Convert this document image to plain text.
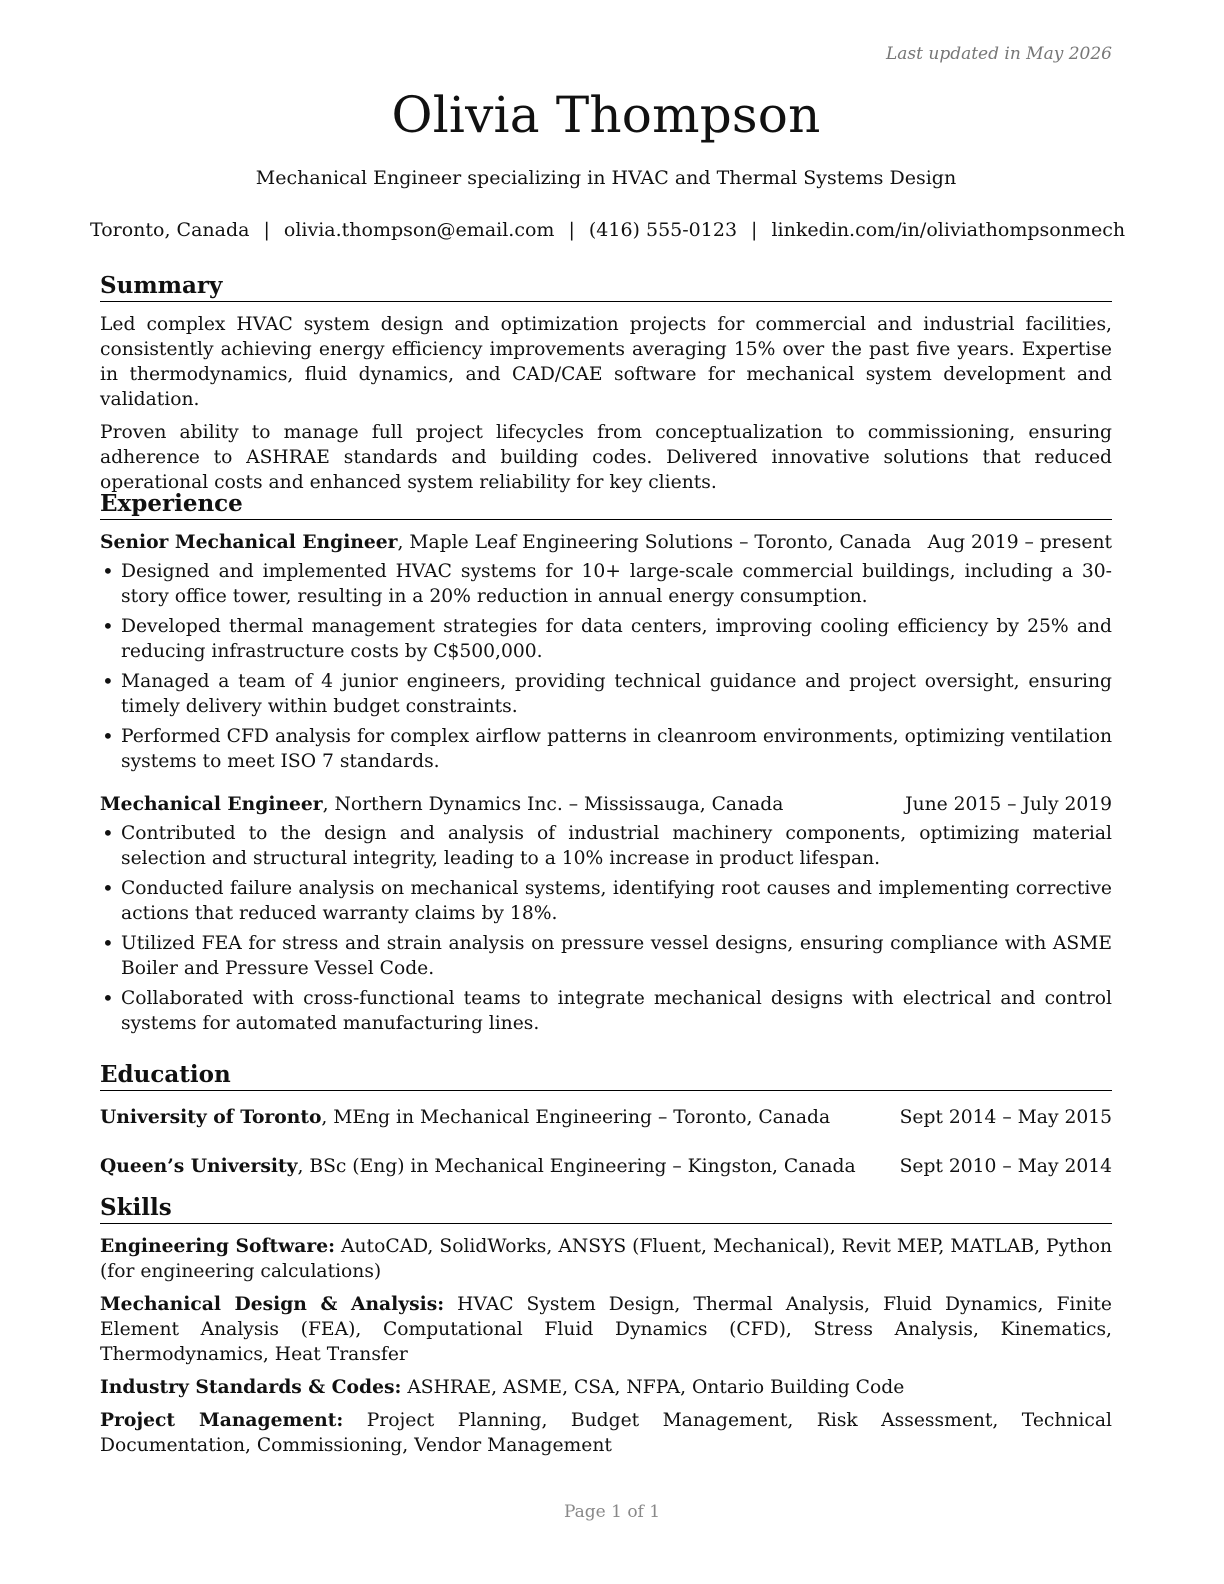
Last updated in May 2026
Olivia Thompson
Mechanical Engineer specializing in HVAC and Thermal Systems Design
Toronto, Canada | olivia.thompson@email.com | (416) 555-0123 | linkedin.com/in/oliviathompsonmech
Summary

Led complex HVAC system design and optimization projects for commercial and industrial facilities, consistently achieving energy efficiency improvements averaging 15% over the past five years. Expertise in thermodynamics, fluid dynamics, and CAD/CAE software for mechanical system development and validation.

Proven ability to manage full project lifecycles from conceptualization to commissioning, ensuring adherence to ASHRAE standards and building codes. Delivered innovative solutions that reduced operational costs and enhanced system reliability for key clients.

Experience
Senior Mechanical Engineer, Maple Leaf Engineering Solutions – Toronto, Canada Aug 2019 – present
• Designed and implemented HVAC systems for 10+ large-scale commercial buildings, including a 30-story office tower, resulting in a 20% reduction in annual energy consumption.
• Developed thermal management strategies for data centers, improving cooling efficiency by 25% and reducing infrastructure costs by C$500,000.
• Managed a team of 4 junior engineers, providing technical guidance and project oversight, ensuring timely delivery within budget constraints.
• Performed CFD analysis for complex airflow patterns in cleanroom environments, optimizing ventilation systems to meet ISO 7 standards.
Mechanical Engineer, Northern Dynamics Inc. – Mississauga, Canada	June 2015 – July 2019
• Contributed to the design and analysis of industrial machinery components, optimizing material selection and structural integrity, leading to a 10% increase in product lifespan.
• Conducted failure analysis on mechanical systems, identifying root causes and implementing corrective actions that reduced warranty claims by 18%.
• Utilized FEA for stress and strain analysis on pressure vessel designs, ensuring compliance with ASME Boiler and Pressure Vessel Code.
• Collaborated with cross-functional teams to integrate mechanical designs with electrical and control systems for automated manufacturing lines.
Education
University of Toronto, MEng in Mechanical Engineering – Toronto, Canada	Sept 2014 – May 2015
Queen’s University, BSc (Eng) in Mechanical Engineering – Kingston, Canada Sept 2010 – May 2014
Skills

Engineering Software: AutoCAD, SolidWorks, ANSYS (Fluent, Mechanical), Revit MEP, MATLAB, Python (for engineering calculations)

Mechanical Design & Analysis: HVAC System Design, Thermal Analysis, Fluid Dynamics, Finite Element Analysis (FEA), Computational Fluid Dynamics (CFD), Stress Analysis, Kinematics, Thermodynamics, Heat Transfer

Industry Standards & Codes: ASHRAE, ASME, CSA, NFPA, Ontario Building Code

Project Management: Project Planning, Budget Management, Risk Assessment, Technical Documentation, Commissioning, Vendor Management

Page 1 of 1
